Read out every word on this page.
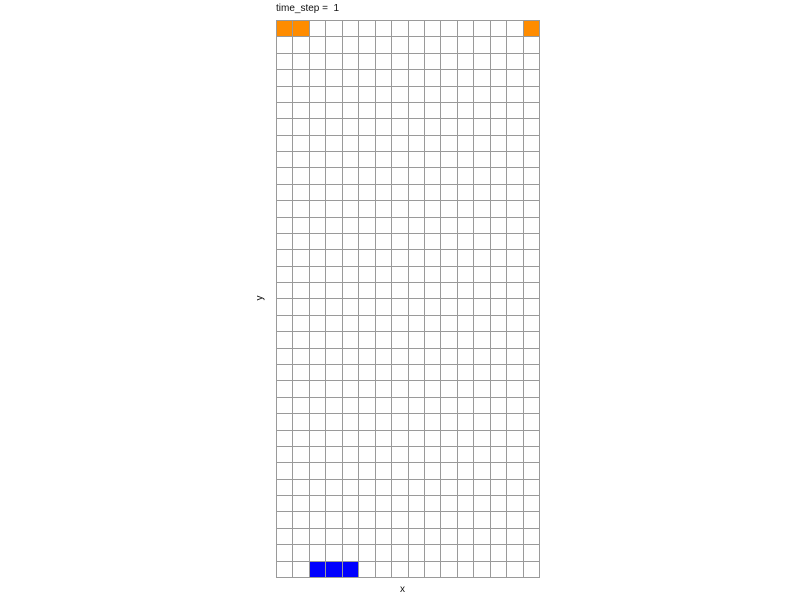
time_step =  1
y
x
